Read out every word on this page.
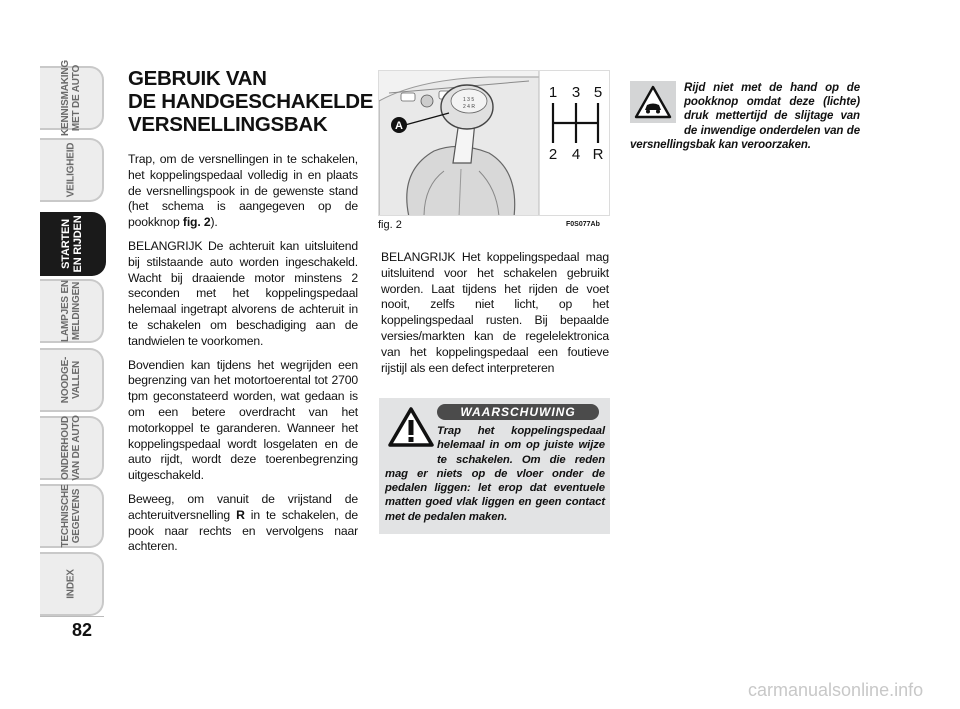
KENNISMAKING
MET DE AUTO
VEILIGHEID
STARTEN
EN RIJDEN
LAMPJES EN
MELDINGEN
NOODGE-
VALLEN
ONDERHOUD
VAN DE AUTO
TECHNISCHE
GEGEVENS
INDEX
82
GEBRUIK VAN
DE HANDGESCHAKELDE
VERSNELLINGSBAK

Trap, om de versnellingen in te schakelen, het koppelingspedaal volledig in en plaats de versnellingspook in de gewenste stand (het schema is aangegeven op de pookknop fig. 2).

BELANGRIJK De achteruit kan uitsluitend bij stilstaande auto worden ingeschakeld. Wacht bij draaiende motor minstens 2 seconden met het koppelingspedaal helemaal ingetrapt alvorens de achteruit in te schakelen om beschadiging aan de tandwielen te voorkomen.

Bovendien kan tijdens het wegrijden een begrenzing van het motortoerental tot 2700 tpm geconstateerd worden, wat gedaan is om een betere overdracht van het motorkoppel te garanderen. Wanneer het koppelingspedaal wordt losgelaten en de auto rijdt, wordt deze toerenbegrenzing uitgeschakeld.

Beweeg, om vanuit de vrijstand de achteruitversnelling R in te schakelen, de pook naar rechts en vervolgens naar achteren.

1 3 5
2 4 R
A
1 3 5
2 4 R
fig. 2	F0S077Ab

BELANGRIJK Het koppelingspedaal mag uitsluitend voor het schakelen gebruikt worden. Laat tijdens het rijden de voet nooit, zelfs niet licht, op het koppelingspedaal rusten. Bij bepaalde versies/markten kan de regelelektronica van het koppelingspedaal een foutieve rijstijl als een defect interpreteren

WAARSCHUWING
Trap het koppelingspedaal helemaal in om op juiste wijze te schakelen. Om die reden mag er niets op de vloer onder de pedalen liggen: let erop dat eventuele matten goed vlak liggen en geen contact met de pedalen maken.

Rijd niet met de hand op de pookknop omdat deze (lichte) druk mettertijd de slijtage van de inwendige onderdelen van de versnellingsbak kan veroorzaken.

carmanualsonline.info
